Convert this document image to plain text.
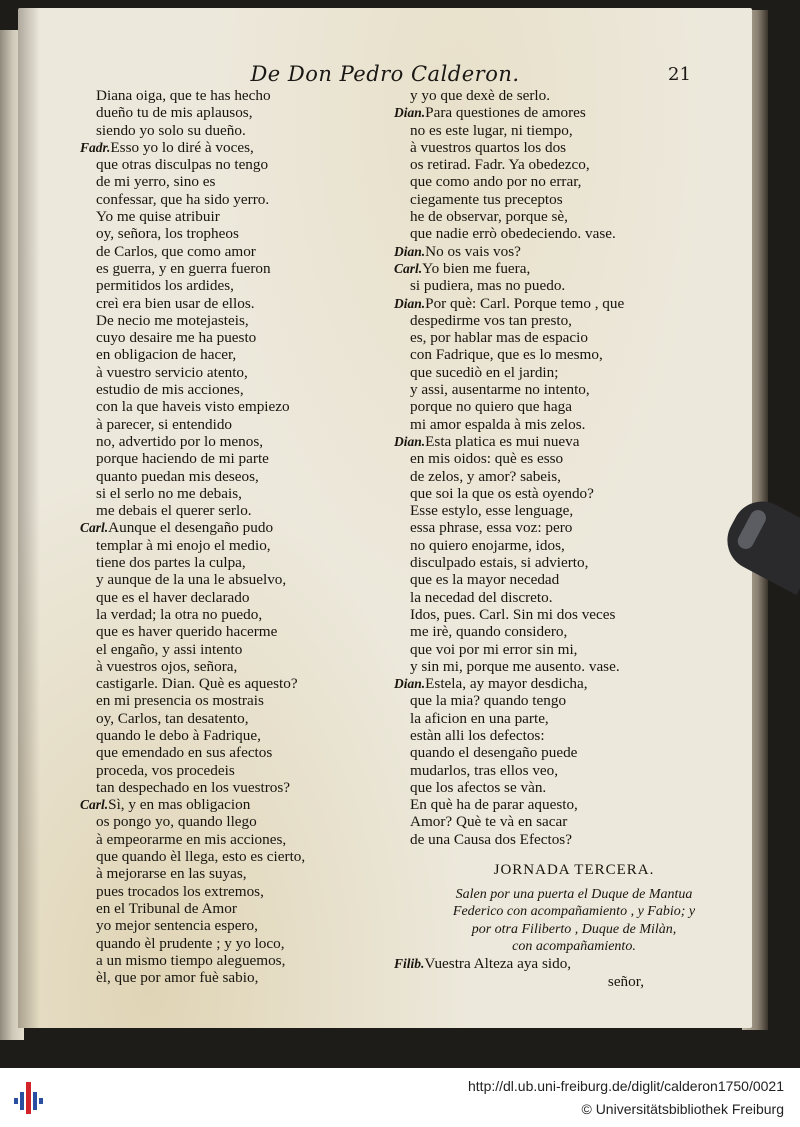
De Don Pedro Calderon.	21
Diana oiga, que te has hecho
dueño tu de mis aplausos,
siendo yo solo su dueño.
Fadr.Esso yo lo diré à voces,
que otras disculpas no tengo
de mi yerro, sino es
confessar, que ha sido yerro.
Yo me quise atribuir
oy, señora, los tropheos
de Carlos, que como amor
es guerra, y en guerra fueron
permitidos los ardides,
creì era bien usar de ellos.
De necio me motejasteis,
cuyo desaire me ha puesto
en obligacion de hacer,
à vuestro servicio atento,
estudio de mis acciones,
con la que haveis visto empiezo
à parecer, si entendido
no, advertido por lo menos,
porque haciendo de mi parte
quanto puedan mis deseos,
si el serlo no me debais,
me debais el querer serlo.
Carl.Aunque el desengaño pudo
templar à mi enojo el medio,
tiene dos partes la culpa,
y aunque de la una le absuelvo,
que es el haver declarado
la verdad; la otra no puedo,
que es haver querido hacerme
el engaño, y assi intento
à vuestros ojos, señora,
castigarle. Dian. Què es aquesto?
en mi presencia os mostrais
oy, Carlos, tan desatento,
quando le debo à Fadrique,
que emendado en sus afectos
proceda, vos procedeis
tan despechado en los vuestros?
Carl.Sì, y en mas obligacion
os pongo yo, quando llego
à empeorarme en mis acciones,
que quando èl llega, esto es cierto,
à mejorarse en las suyas,
pues trocados los extremos,
en el Tribunal de Amor
yo mejor sentencia espero,
quando èl prudente ; y yo loco,
a un mismo tiempo aleguemos,
èl, que por amor fuè sabio,
y yo que dexè de serlo.
Dian.Para questiones de amores
no es este lugar, ni tiempo,
à vuestros quartos los dos
os retirad. Fadr. Ya obedezco,
que como ando por no errar,
ciegamente tus preceptos
he de observar, porque sè,
que nadie errò obedeciendo. vase.
Dian.No os vais vos?
Carl.Yo bien me fuera,
si pudiera, mas no puedo.
Dian.Por què: Carl. Porque temo , que
despedirme vos tan presto,
es, por hablar mas de espacio
con Fadrique, que es lo mesmo,
que sucediò en el jardin;
y assi, ausentarme no intento,
porque no quiero que haga
mi amor espalda à mis zelos.
Dian.Esta platica es mui nueva
en mis oidos: què es esso
de zelos, y amor? sabeis,
que soi la que os està oyendo?
Esse estylo, esse lenguage,
essa phrase, essa voz: pero
no quiero enojarme, idos,
disculpado estais, si advierto,
que es la mayor necedad
la necedad del discreto.
Idos, pues. Carl. Sin mi dos veces
me irè, quando considero,
que voi por mi error sin mi,
y sin mi, porque me ausento. vase.
Dian.Estela, ay mayor desdicha,
que la mia? quando tengo
la aficion en una parte,
estàn alli los defectos:
quando el desengaño puede
mudarlos, tras ellos veo,
que los afectos se vàn.
En què ha de parar aquesto,
Amor? Què te và en sacar
de una Causa dos Efectos?
JORNADA TERCERA.
Salen por una puerta el Duque de Mantua
Federico con acompañamiento , y Fabio; y
por otra Filiberto , Duque de Milàn,
con acompañamiento.
Filib.Vuestra Alteza aya sido,
señor,
http://dl.ub.uni-freiburg.de/diglit/calderon1750/0021
© Universitätsbibliothek Freiburg
